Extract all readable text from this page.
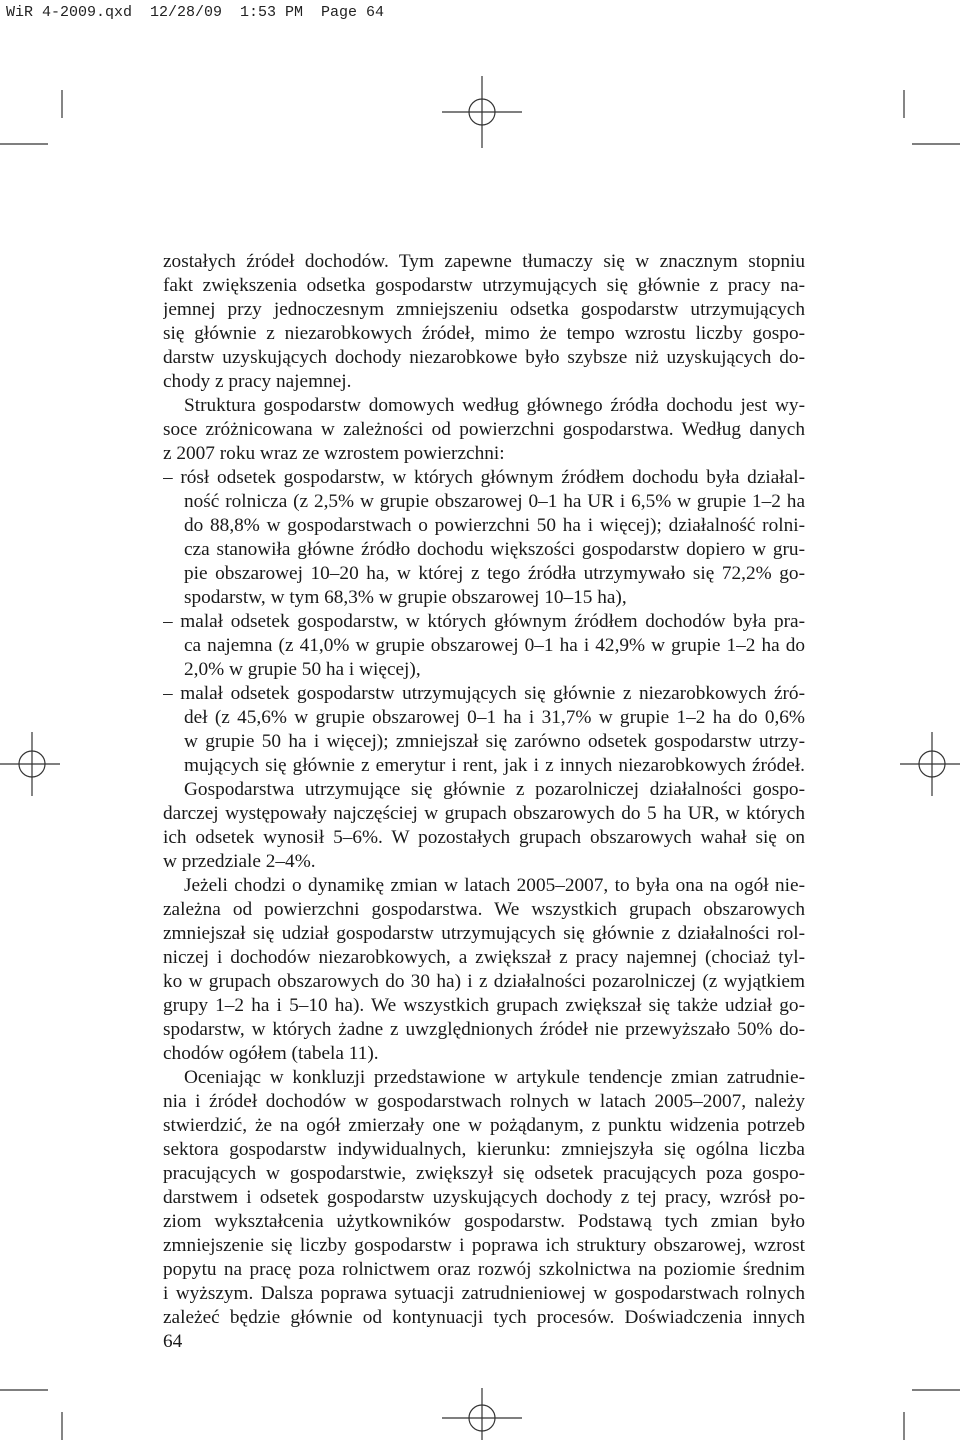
WiR 4-2009.qxd  12/28/09  1:53 PM  Page 64
zostałych źródeł dochodów. Tym zapewne tłumaczy się w znacznym stopniu
fakt zwiększenia odsetka gospodarstw utrzymujących się głównie z pracy na-
jemnej przy jednoczesnym zmniejszeniu odsetka gospodarstw utrzymujących
się głównie z niezarobkowych źródeł, mimo że tempo wzrostu liczby gospo-
darstw uzyskujących dochody niezarobkowe było szybsze niż uzyskujących do-
chody z pracy najemnej.
Struktura gospodarstw domowych według głównego źródła dochodu jest wy-
soce zróżnicowana w zależności od powierzchni gospodarstwa. Według danych
z 2007 roku wraz ze wzrostem powierzchni:
– rósł odsetek gospodarstw, w których głównym źródłem dochodu była działal-
ność rolnicza (z 2,5% w grupie obszarowej 0–1 ha UR i 6,5% w grupie 1–2 ha
do 88,8% w gospodarstwach o powierzchni 50 ha i więcej); działalność rolni-
cza stanowiła główne źródło dochodu większości gospodarstw dopiero w gru-
pie obszarowej 10–20 ha, w której z tego źródła utrzymywało się 72,2% go-
spodarstw, w tym 68,3% w grupie obszarowej 10–15 ha),
– malał odsetek gospodarstw, w których głównym źródłem dochodów była pra-
ca najemna (z 41,0% w grupie obszarowej 0–1 ha i 42,9% w grupie 1–2 ha do
2,0% w grupie 50 ha i więcej),
– malał odsetek gospodarstw utrzymujących się głównie z niezarobkowych źró-
deł (z 45,6% w grupie obszarowej 0–1 ha i 31,7% w grupie 1–2 ha do 0,6%
w grupie 50 ha i więcej); zmniejszał się zarówno odsetek gospodarstw utrzy-
mujących się głównie z emerytur i rent, jak i z innych niezarobkowych źródeł.
Gospodarstwa utrzymujące się głównie z pozarolniczej działalności gospo-
darczej występowały najczęściej w grupach obszarowych do 5 ha UR, w których
ich odsetek wynosił 5–6%. W pozostałych grupach obszarowych wahał się on
w przedziale 2–4%.
Jeżeli chodzi o dynamikę zmian w latach 2005–2007, to była ona na ogół nie-
zależna od powierzchni gospodarstwa. We wszystkich grupach obszarowych
zmniejszał się udział gospodarstw utrzymujących się głównie z działalności rol-
niczej i dochodów niezarobkowych, a zwiększał z pracy najemnej (chociaż tyl-
ko w grupach obszarowych do 30 ha) i z działalności pozarolniczej (z wyjątkiem
grupy 1–2 ha i 5–10 ha). We wszystkich grupach zwiększał się także udział go-
spodarstw, w których żadne z uwzględnionych źródeł nie przewyższało 50% do-
chodów ogółem (tabela 11).
Oceniając w konkluzji przedstawione w artykule tendencje zmian zatrudnie-
nia i źródeł dochodów w gospodarstwach rolnych w latach 2005–2007, należy
stwierdzić, że na ogół zmierzały one w pożądanym, z punktu widzenia potrzeb
sektora gospodarstw indywidualnych, kierunku: zmniejszyła się ogólna liczba
pracujących w gospodarstwie, zwiększył się odsetek pracujących poza gospo-
darstwem i odsetek gospodarstw uzyskujących dochody z tej pracy, wzrósł po-
ziom wykształcenia użytkowników gospodarstw. Podstawą tych zmian było
zmniejszenie się liczby gospodarstw i poprawa ich struktury obszarowej, wzrost
popytu na pracę poza rolnictwem oraz rozwój szkolnictwa na poziomie średnim
i wyższym. Dalsza poprawa sytuacji zatrudnieniowej w gospodarstwach rolnych
zależeć będzie głównie od kontynuacji tych procesów. Doświadczenia innych
64
